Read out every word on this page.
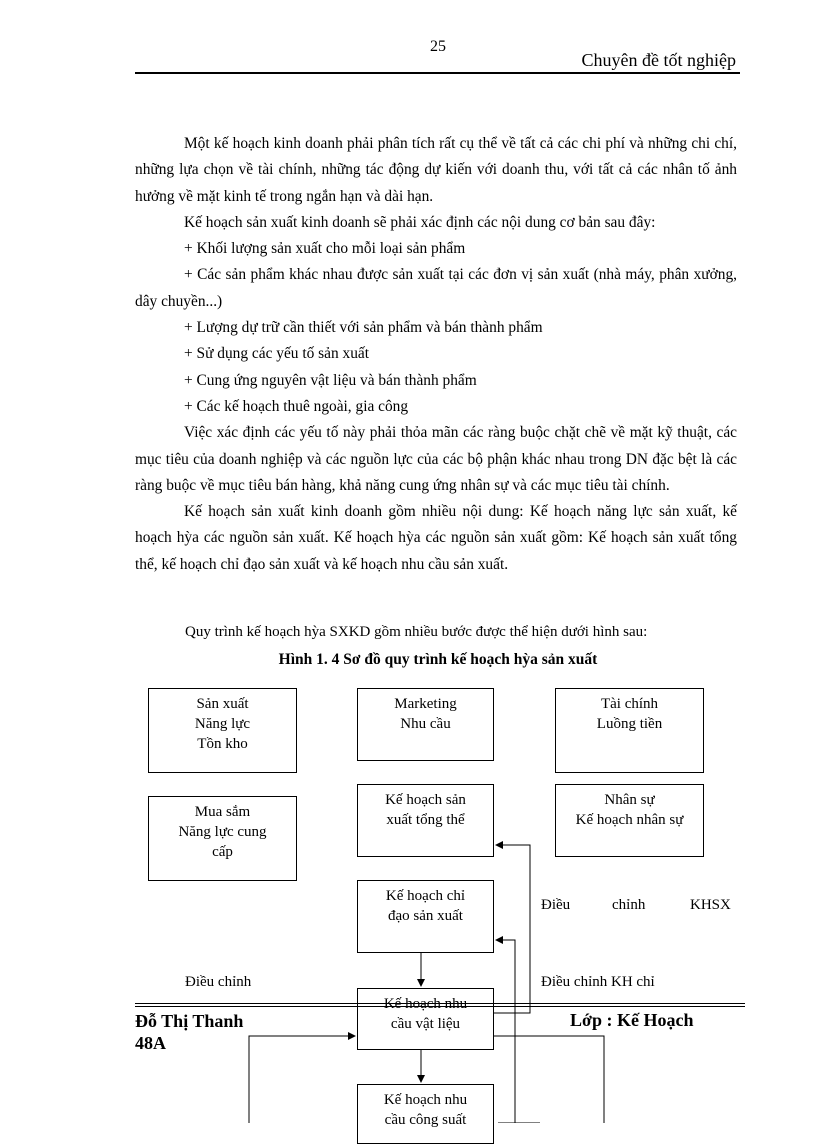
25
Chuyên đề tốt nghiệp

Một kế hoạch kinh doanh phải phân tích rất cụ thể về tất cả các chi phí và những chi chí, những lựa chọn về tài chính, những tác động dự kiến với doanh thu, với tất cả các nhân tố ảnh hưởng về mặt kinh tế trong ngắn hạn và dài hạn.

Kế hoạch sản xuất kinh doanh sẽ phải xác định các nội dung cơ bản sau đây:

+ Khối lượng sản xuất cho mỗi loại sản phẩm

+ Các sản phẩm khác nhau được sản xuất tại các đơn vị sản xuất (nhà máy, phân xưởng, dây chuyền...)

+ Lượng dự trữ cần thiết với sản phẩm và bán thành phẩm

+ Sử dụng các yếu tố sản xuất

+ Cung ứng nguyên vật liệu và bán thành phẩm

+ Các kế hoạch thuê ngoài, gia công

Việc xác định các yếu tố này phải thỏa mãn các ràng buộc chặt chẽ về mặt kỹ thuật, các mục tiêu của doanh nghiệp và các nguồn lực của các bộ phận khác nhau trong DN đặc bệt là các ràng buộc về mục tiêu bán hàng, khả năng cung ứng nhân sự và các mục tiêu tài chính.

Kế hoạch sản xuất kinh doanh gồm nhiều nội dung: Kế hoạch năng lực sản xuất, kế hoạch hỳa các nguồn sản xuất. Kế hoạch hỳa các nguồn sản xuất gồm: Kế hoạch sản xuất tổng thể, kế hoạch chỉ đạo sản xuất và kế hoạch nhu cầu sản xuất.

Quy trình kế hoạch hỳa SXKD gồm nhiều bước được thể hiện dưới hình sau:
Hình 1. 4 Sơ đồ quy trình kế hoạch hỳa sản xuất
Sản xuất
Năng lực
Tồn kho
Marketing
Nhu cầu
Tài chính
Luồng tiền
Mua sắm
Năng lực cung
cấp
Kế hoạch sản
xuất tổng thể
Nhân sự
Kế hoạch nhân sự
Kế hoạch chỉ
đạo sản xuất
Kế hoạch nhu
cầu vật liệu
Kế hoạch nhu
cầu công suất
Điều	chỉnh	KHSX
Điều chỉnh	Điều chỉnh KH chỉ
Đỗ Thị Thanh
48A
Lớp : Kế Hoạch
